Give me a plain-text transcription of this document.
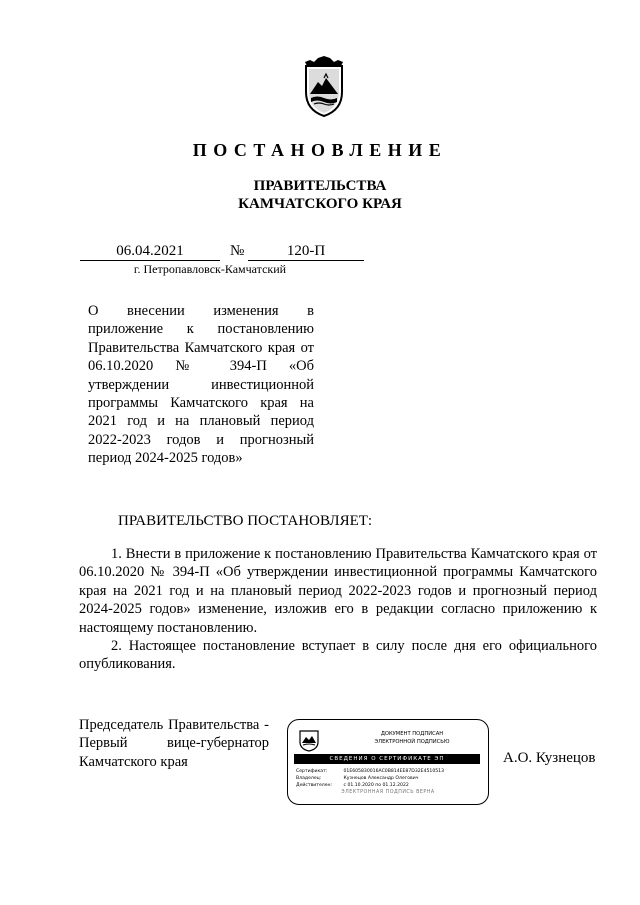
ПОСТАНОВЛЕНИЕ
ПРАВИТЕЛЬСТВА
КАМЧАТСКОГО КРАЯ
06.04.2021	№	120-П
г. Петропавловск-Камчатский
О внесении изменения в приложение к постановлению Правительства Камчатского края от 06.10.2020 № 394-П «Об утверждении инвестиционной программы Камчатского края на 2021 год и на плановый период 2022-2023 годов и прогнозный период 2024-2025 годов»
ПРАВИТЕЛЬСТВО ПОСТАНОВЛЯЕТ:

1. Внести в приложение к постановлению Правительства Камчатского края от 06.10.2020 № 394-П «Об утверждении инвестиционной программы Камчатского края на 2021 год и на плановый период 2022-2023 годов и прогнозный период 2024-2025 годов» изменение, изложив его в редакции согласно приложению к настоящему постановлению.

2. Настоящее постановление вступает в силу после дня его официального опубликования.

Председатель Правительства -
Первый вице-губернатор
Камчатского края
ДОКУМЕНТ ПОДПИСАН
ЭЛЕКТРОННОЙ ПОДПИСЬЮ
СВЕДЕНИЯ О СЕРТИФИКАТЕ ЭП
Сертификат:	01E605830016AC0B814EE87D32E4510513
Владелец:	Кузнецов Александр Олегович
Действителен: с 01.10.2020 по 01.12.2022
ЭЛЕКТРОННАЯ ПОДПИСЬ ВЕРНА
А.О. Кузнецов
